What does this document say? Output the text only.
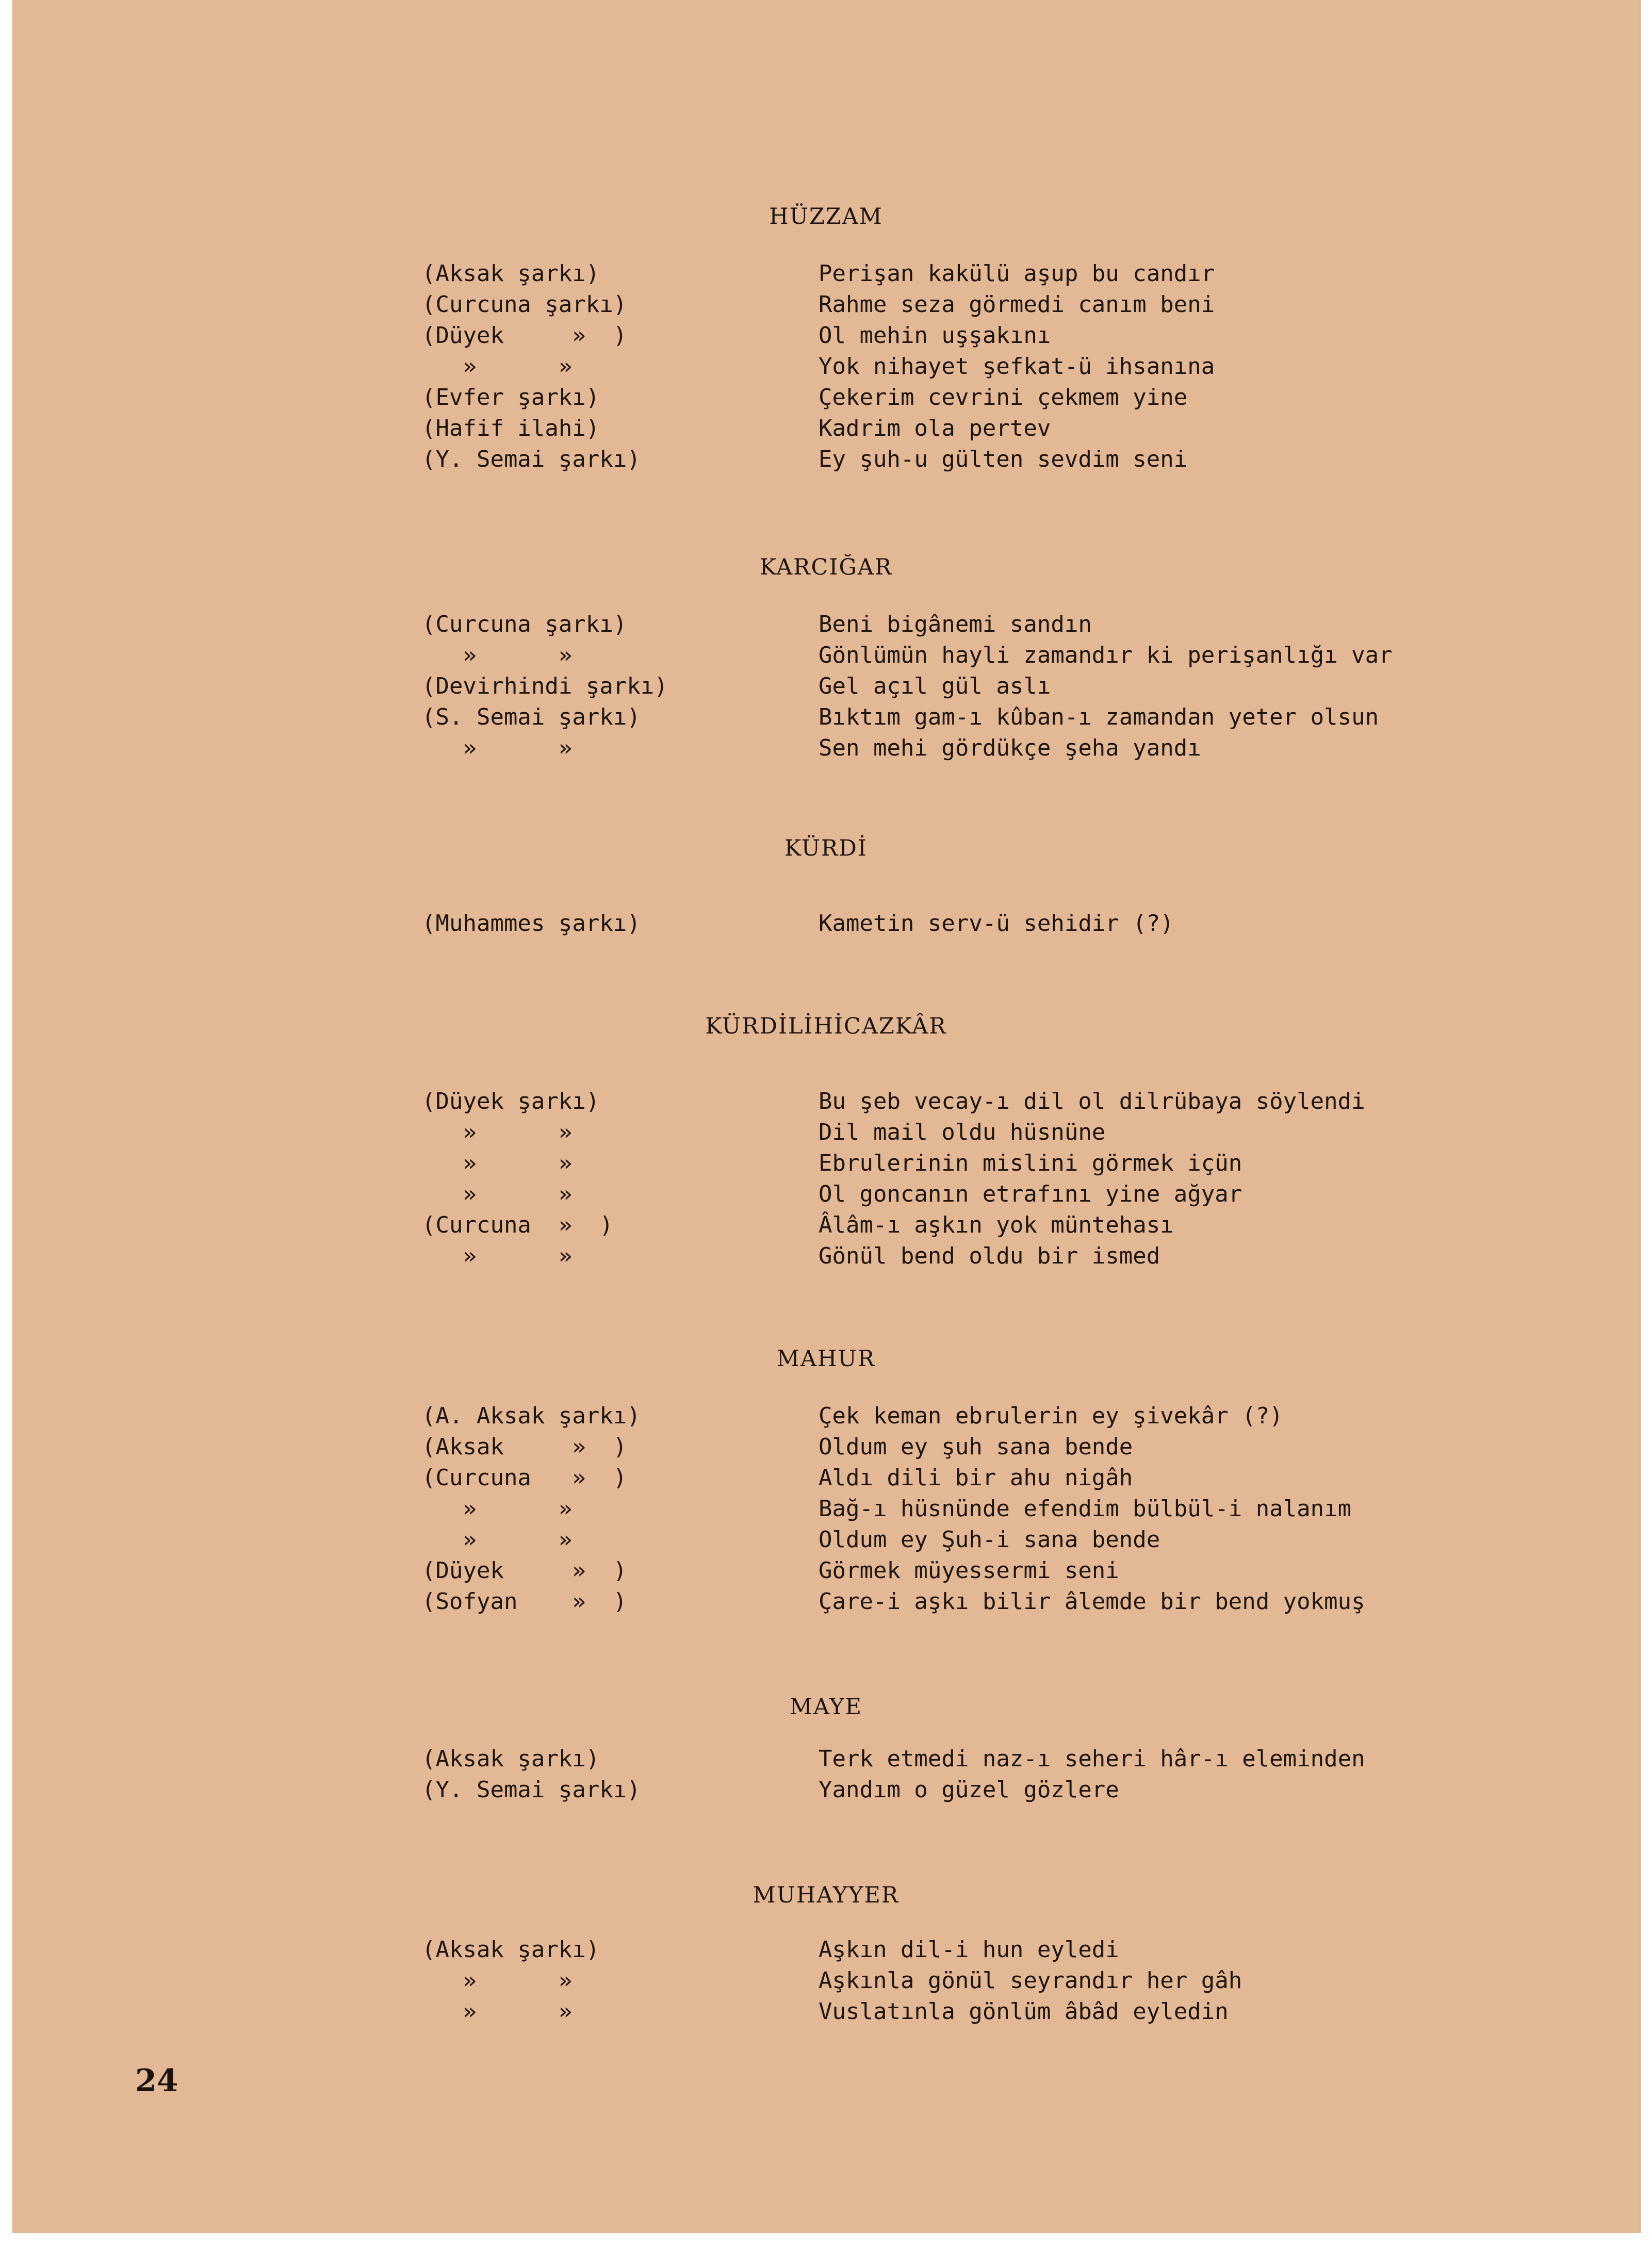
HÜZZAM
(Aksak şarkı)	Perişan kakülü aşup bu candır
(Curcuna şarkı)	Rahme seza görmedi canım beni
(Düyek     »  )	Ol mehin uşşakını
»      »	Yok nihayet şefkat-ü ihsanına
(Evfer şarkı)	Çekerim cevrini çekmem yine
(Hafif ilahi)	Kadrim ola pertev
(Y. Semai şarkı)	Ey şuh-u gülten sevdim seni
KARCIĞAR
(Curcuna şarkı)	Beni bigânemi sandın
»      »	Gönlümün hayli zamandır ki perişanlığı var
(Devirhindi şarkı)	Gel açıl gül aslı
(S. Semai şarkı)	Bıktım gam-ı kûban-ı zamandan yeter olsun
»      »	Sen mehi gördükçe şeha yandı
KÜRDİ
(Muhammes şarkı)	Kametin serv-ü sehidir (?)
KÜRDİLİHİCAZKÂR
(Düyek şarkı)	Bu şeb vecay-ı dil ol dilrübaya söylendi
»      »	Dil mail oldu hüsnüne
»      »	Ebrulerinin mislini görmek içün
»      »	Ol goncanın etrafını yine ağyar
(Curcuna  »  )	Âlâm-ı aşkın yok müntehası
»      »	Gönül bend oldu bir ismed
MAHUR
(A. Aksak şarkı)	Çek keman ebrulerin ey şivekâr (?)
(Aksak     »  )	Oldum ey şuh sana bende
(Curcuna   »  )	Aldı dili bir ahu nigâh
»      »	Bağ-ı hüsnünde efendim bülbül-i nalanım
»      »	Oldum ey Şuh-i sana bende
(Düyek     »  )	Görmek müyessermi seni
(Sofyan    »  )	Çare-i aşkı bilir âlemde bir bend yokmuş
MAYE
(Aksak şarkı)	Terk etmedi naz-ı seheri hâr-ı eleminden
(Y. Semai şarkı)	Yandım o güzel gözlere
MUHAYYER
(Aksak şarkı)	Aşkın dil-i hun eyledi
»      »	Aşkınla gönül seyrandır her gâh
»      »	Vuslatınla gönlüm âbâd eyledin
24
